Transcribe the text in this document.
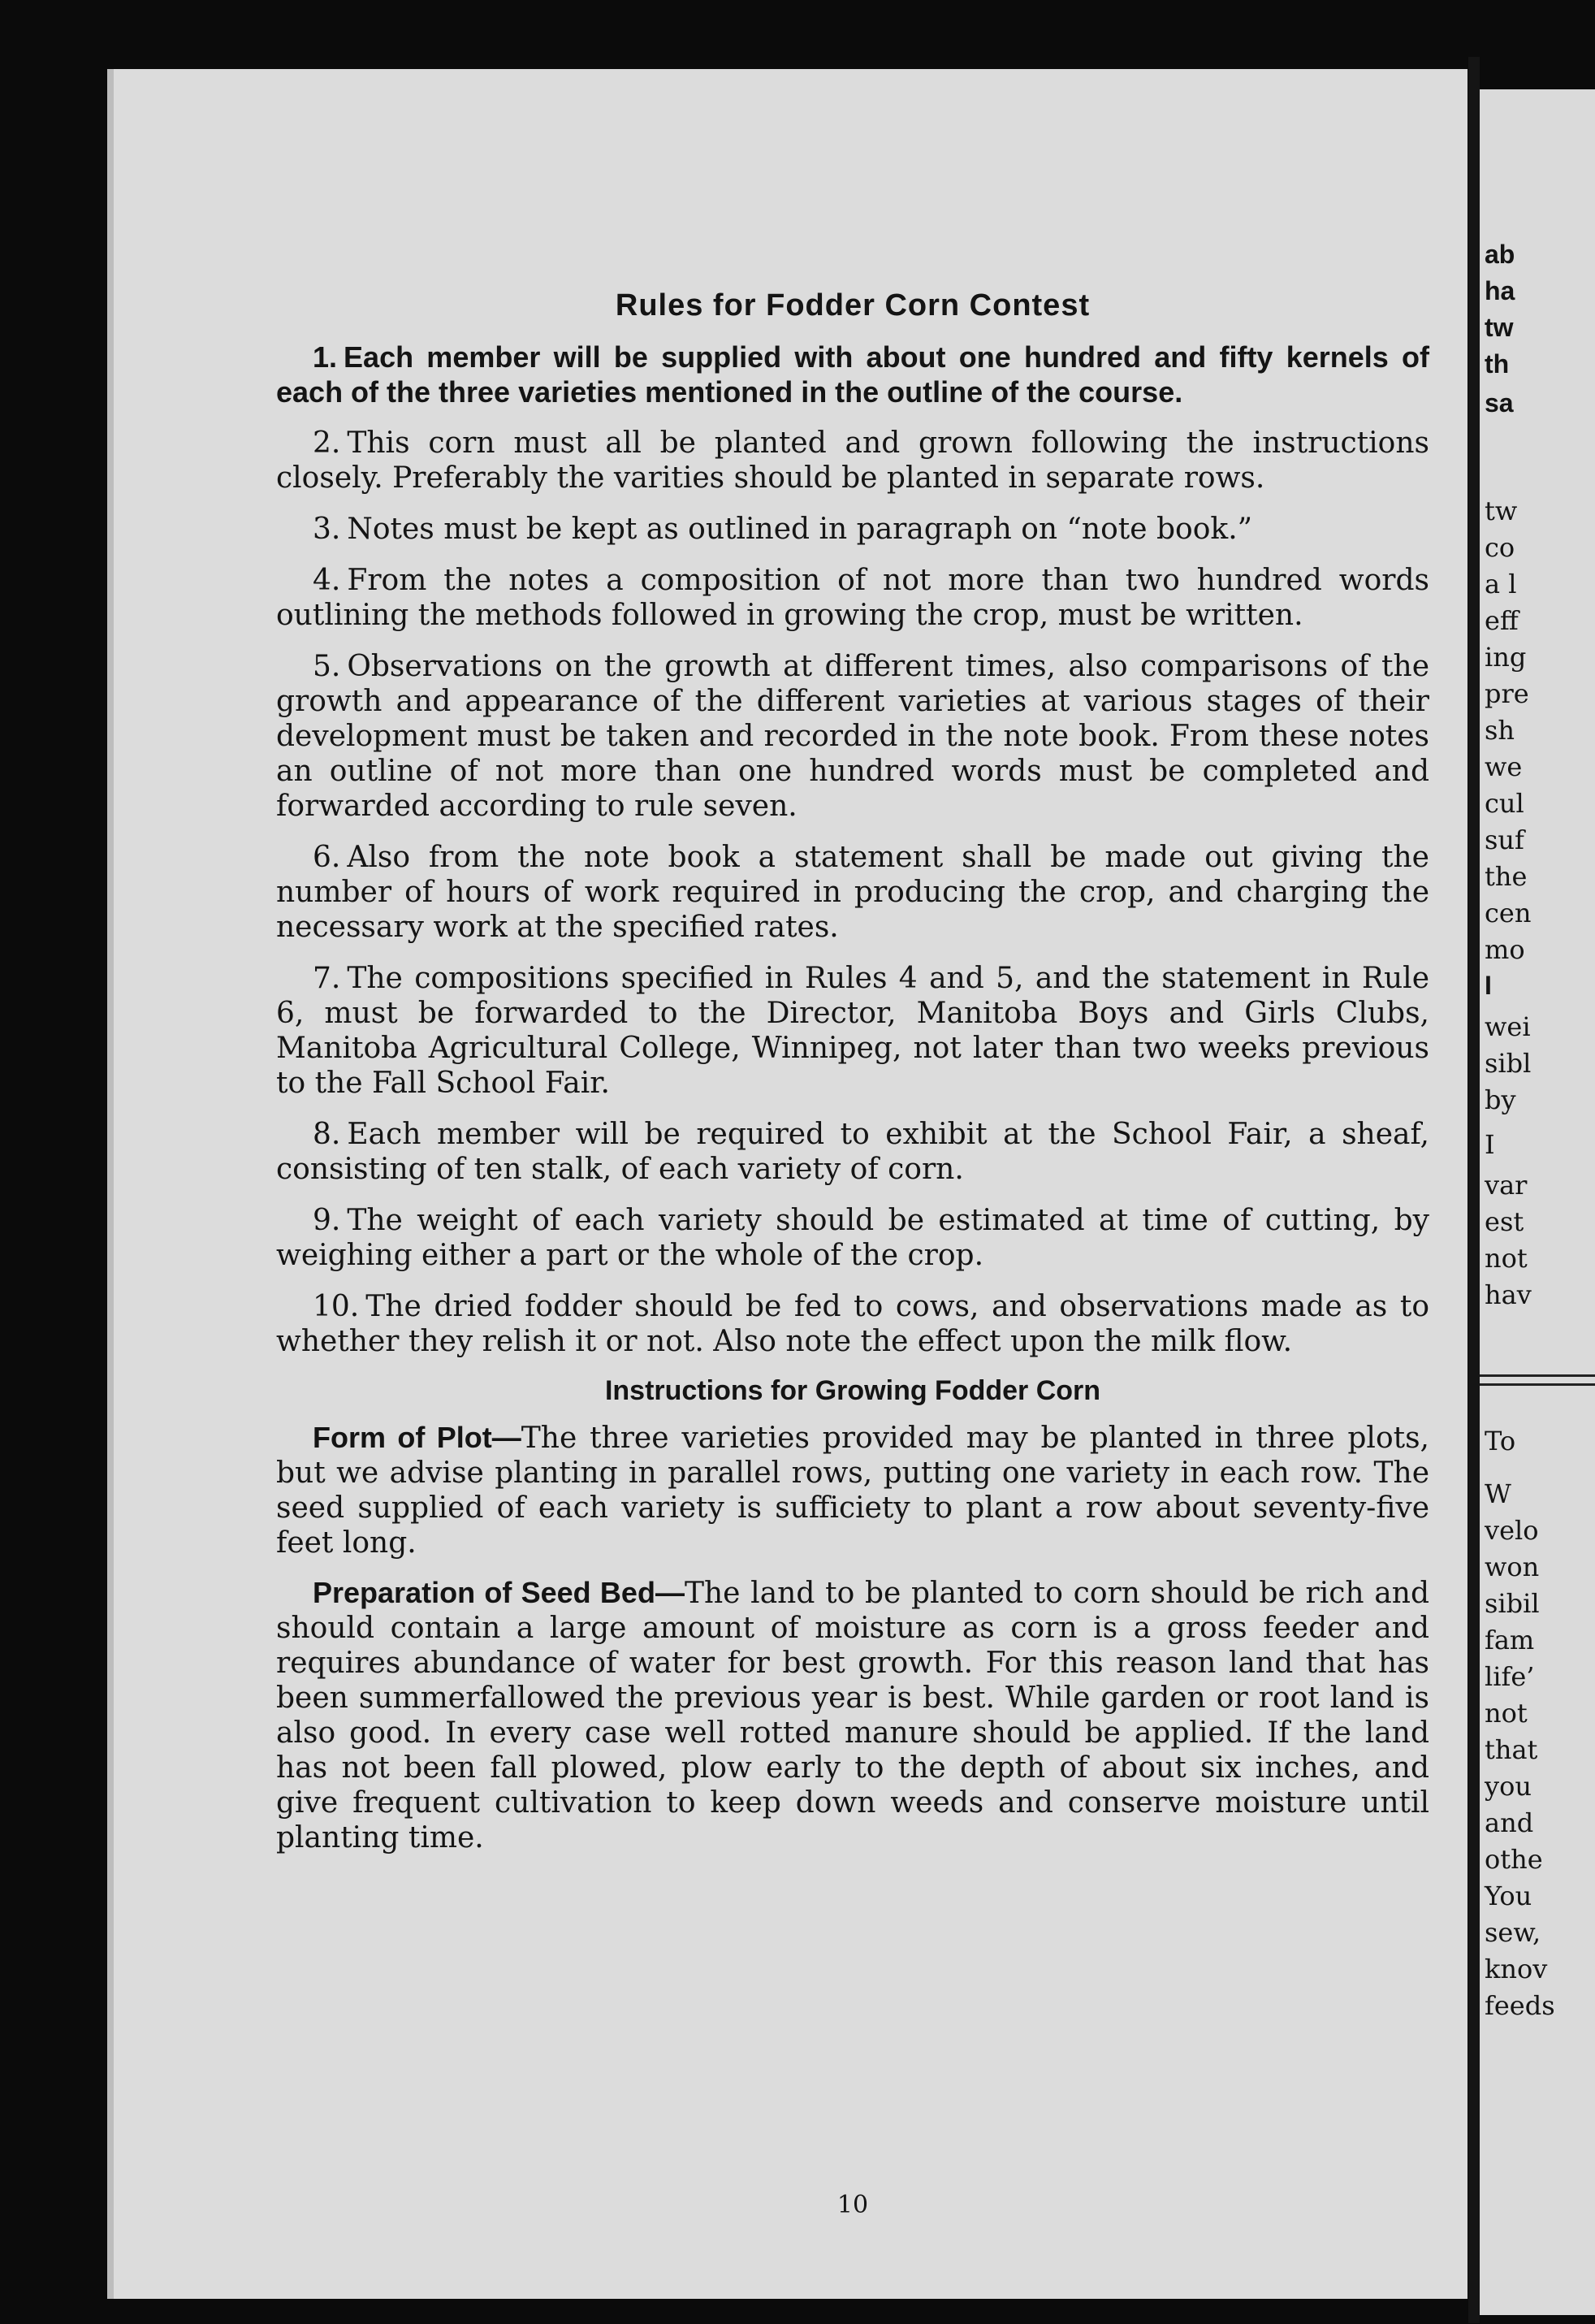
Rules for Fodder Corn Contest

1. Each member will be supplied with about one hundred and fifty kernels of each of the three varieties mentioned in the outline of the course.

2. This corn must all be planted and grown following the instructions closely. Preferably the varities should be planted in separate rows.

3. Notes must be kept as outlined in paragraph on “note book.”

4. From the notes a composition of not more than two hundred words outlining the methods followed in growing the crop, must be written.

5. Observations on the growth at different times, also comparisons of the growth and appearance of the different varieties at various stages of their development must be taken and recorded in the note book. From these notes an outline of not more than one hundred words must be completed and forwarded according to rule seven.

6. Also from the note book a statement shall be made out giving the number of hours of work required in producing the crop, and charging the necessary work at the specified rates.

7. The compositions specified in Rules 4 and 5, and the statement in Rule 6, must be forwarded to the Director, Manitoba Boys and Girls Clubs, Manitoba Agricultural College, Winnipeg, not later than two weeks previous to the Fall School Fair.

8. Each member will be required to exhibit at the School Fair, a sheaf, consisting of ten stalk, of each variety of corn.

9. The weight of each variety should be estimated at time of cutting, by weighing either a part or the whole of the crop.

10. The dried fodder should be fed to cows, and observations made as to whether they relish it or not. Also note the effect upon the milk flow.

Instructions for Growing Fodder Corn

Form of Plot—The three varieties provided may be planted in three plots, but we advise planting in parallel rows, putting one variety in each row. The seed supplied of each variety is sufficiety to plant a row about seventy-five feet long.

Preparation of Seed Bed—The land to be planted to corn should be rich and should contain a large amount of moisture as corn is a gross feeder and requires abundance of water for best growth. For this reason land that has been summerfallowed the previous year is best. While garden or root land is also good. In every case well rotted manure should be applied. If the land has not been fall plowed, plow early to the depth of about six inches, and give frequent cultivation to keep down weeds and conserve moisture until planting time.

10
ab
ha
tw
th
sa
tw
co
a l
eff
ing
pre
sh
we
cul
suf
the
cen
mo
I
wei
sibl
by
I
var
est
not
hav
To
W
velo
won
sibil
fam
life’
not
that
you
and
othe
You
sew,
knov
feeds
